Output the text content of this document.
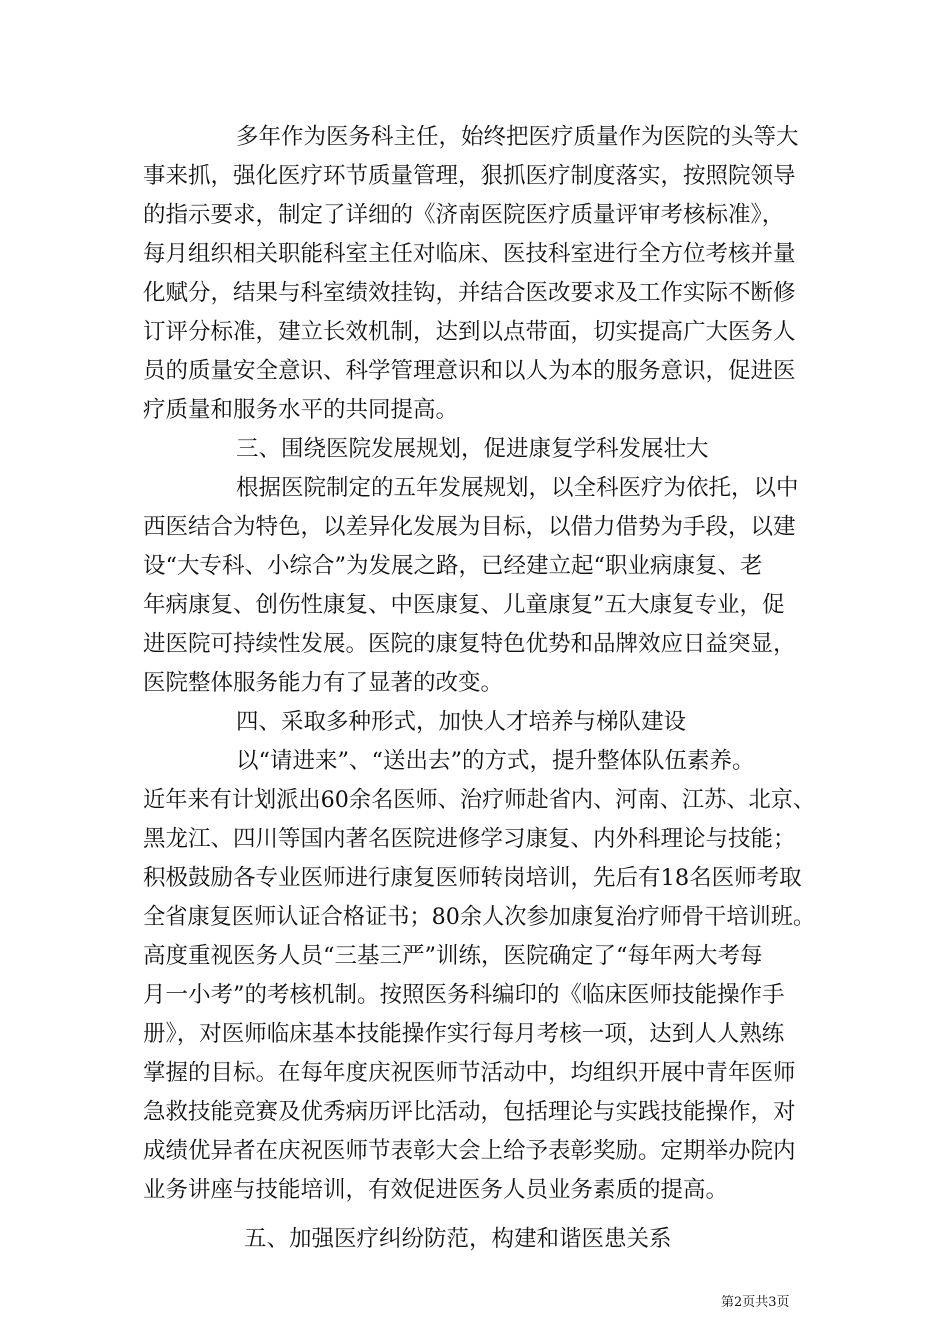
多年作为医务科主任，始终把医疗质量作为医院的头等大
事来抓，强化医疗环节质量管理，狠抓医疗制度落实，按照院领导
的指示要求，制定了详细的《济南医院医疗质量评审考核标准》，
每月组织相关职能科室主任对临床、医技科室进行全方位考核并量
化赋分，结果与科室绩效挂钩，并结合医改要求及工作实际不断修
订评分标准，建立长效机制，达到以点带面，切实提高广大医务人
员的质量安全意识、科学管理意识和以人为本的服务意识，促进医
疗质量和服务水平的共同提高。
三、围绕医院发展规划，促进康复学科发展壮大
根据医院制定的五年发展规划，以全科医疗为依托，以中
西医结合为特色，以差异化发展为目标，以借力借势为手段，以建
设“大专科、小综合”为发展之路，已经建立起“职业病康复、老
年病康复、创伤性康复、中医康复、儿童康复”五大康复专业，促
进医院可持续性发展。医院的康复特色优势和品牌效应日益突显，
医院整体服务能力有了显著的改变。
四、采取多种形式，加快人才培养与梯队建设
以“请进来”、“送出去”的方式，提升整体队伍素养。
近年来有计划派出60余名医师、治疗师赴省内、河南、江苏、北京、
黑龙江、四川等国内著名医院进修学习康复、内外科理论与技能；
积极鼓励各专业医师进行康复医师转岗培训，先后有18名医师考取
全省康复医师认证合格证书；80余人次参加康复治疗师骨干培训班。
高度重视医务人员“三基三严”训练，医院确定了“每年两大考每
月一小考”的考核机制。按照医务科编印的《临床医师技能操作手
册》，对医师临床基本技能操作实行每月考核一项，达到人人熟练
掌握的目标。在每年度庆祝医师节活动中，均组织开展中青年医师
急救技能竞赛及优秀病历评比活动，包括理论与实践技能操作，对
成绩优异者在庆祝医师节表彰大会上给予表彰奖励。定期举办院内
业务讲座与技能培训，有效促进医务人员业务素质的提高。
五、加强医疗纠纷防范，构建和谐医患关系
第2页共3页
